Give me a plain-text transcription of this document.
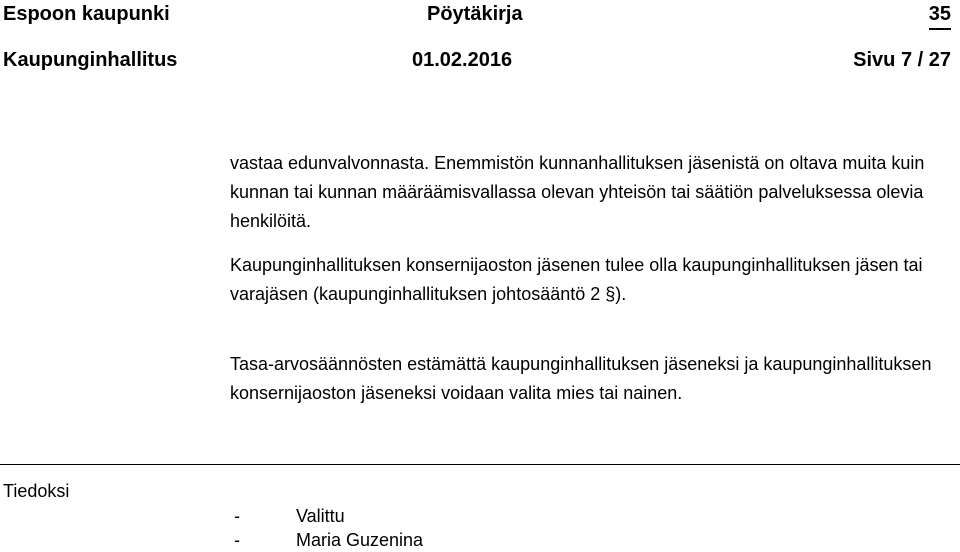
Espoon kaupunki	Pöytäkirja	35
Kaupunginhallitus	01.02.2016	Sivu 7 / 27

vastaa edunvalvonnasta. Enemmistön kunnanhallituksen jäsenistä on oltava muita kuin kunnan tai kunnan määräämisvallassa olevan yhteisön tai säätiön palveluksessa olevia henkilöitä.

Kaupunginhallituksen konsernijaoston jäsenen tulee olla kaupunginhallituksen jäsen tai varajäsen (kaupunginhallituksen johtosääntö 2 §).

Tasa-arvosäännösten estämättä kaupunginhallituksen jäseneksi ja kaupunginhallituksen konsernijaoston jäseneksi voidaan valita mies tai nainen.

Tiedoksi
-	Valittu
-	Maria Guzenina
